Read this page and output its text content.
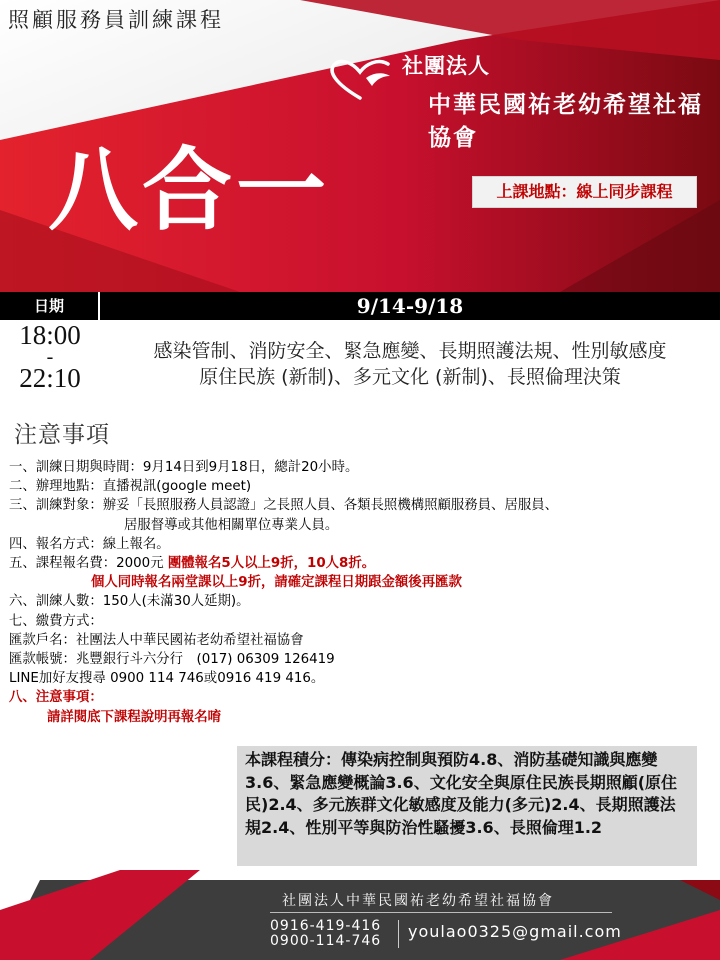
照顧服務員訓練課程
社團法人
中華民國祐老幼希望社福協會
八合一	上課地點：線上同步課程
日期	9/14-9/18
18:00
-
22:10
感染管制、消防安全、緊急應變、長期照護法規、性別敏感度
原住民族 (新制)、多元文化 (新制)、長照倫理決策
注意事項
一、訓練日期與時間：9月14日到9月18日，總計20小時。
二、辦理地點：直播視訊(google meet)
三、訓練對象：辦妥「長照服務人員認證」之長照人員、各類長照機構照顧服務員、居服員、
居服督導或其他相關單位專業人員。
四、報名方式：線上報名。
五、課程報名費：2000元 團體報名5人以上9折，10人8折。
個人同時報名兩堂課以上9折，請確定課程日期跟金額後再匯款
六、訓練人數：150人(未滿30人延期)。
七、繳費方式：
匯款戶名：社團法人中華民國祐老幼希望社福協會
匯款帳號：兆豐銀行斗六分行　(017) 06309 126419
LINE加好友搜尋 0900 114 746或0916 419 416。
八、注意事項：
請詳閱底下課程說明再報名唷
本課程積分：傳染病控制與預防4.8、消防基礎知識與應變3.6、緊急應變概論3.6、文化安全與原住民族長期照顧(原住民)2.4、多元族群文化敏感度及能力(多元)2.4、長期照護法規2.4、性別平等與防治性騷擾3.6、長照倫理1.2
社團法人中華民國祐老幼希望社福協會
0916-419-416
0900-114-746 youlao0325@gmail.com
